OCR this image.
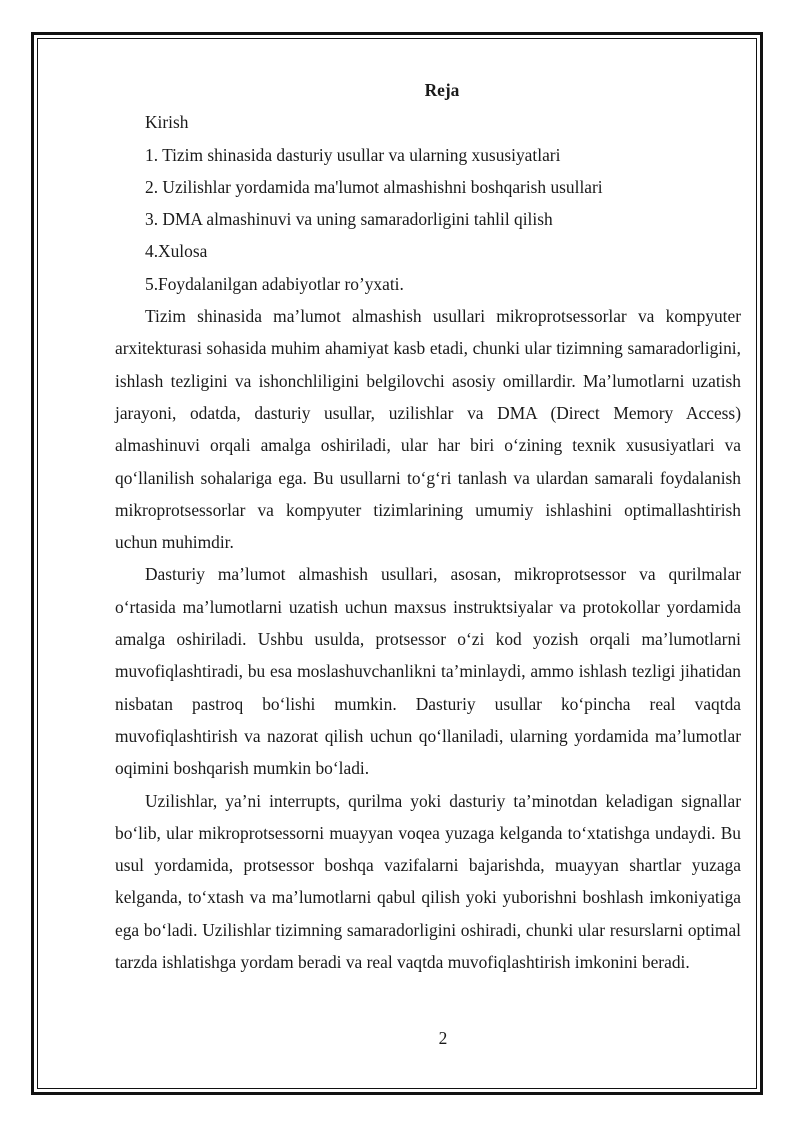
Reja

Kirish

1. Tizim shinasida dasturiy usullar va ularning xususiyatlari

2. Uzilishlar yordamida ma'lumot almashishni boshqarish usullari

3. DMA almashinuvi va uning samaradorligini tahlil qilish

4.Xulosa

5.Foydalanilgan adabiyotlar ro’yxati.

Tizim shinasida ma’lumot almashish usullari mikroprotsessorlar va kompyuter arxitekturasi sohasida muhim ahamiyat kasb etadi, chunki ular tizimning samaradorligini, ishlash tezligini va ishonchliligini belgilovchi asosiy omillardir. Ma’lumotlarni uzatish jarayoni, odatda, dasturiy usullar, uzilishlar va DMA (Direct Memory Access) almashinuvi orqali amalga oshiriladi, ular har biri o‘zining texnik xususiyatlari va qo‘llanilish sohalariga ega. Bu usullarni to‘g‘ri tanlash va ulardan samarali foydalanish mikroprotsessorlar va kompyuter tizimlarining umumiy ishlashini optimallashtirish uchun muhimdir.

Dasturiy ma’lumot almashish usullari, asosan, mikroprotsessor va qurilmalar o‘rtasida ma’lumotlarni uzatish uchun maxsus instruktsiyalar va protokollar yordamida amalga oshiriladi. Ushbu usulda, protsessor o‘zi kod yozish orqali ma’lumotlarni muvofiqlashtiradi, bu esa moslashuvchanlikni ta’minlaydi, ammo ishlash tezligi jihatidan nisbatan pastroq bo‘lishi mumkin. Dasturiy usullar ko‘pincha real vaqtda muvofiqlashtirish va nazorat qilish uchun qo‘llaniladi, ularning yordamida ma’lumotlar oqimini boshqarish mumkin bo‘ladi.

Uzilishlar, ya’ni interrupts, qurilma yoki dasturiy ta’minotdan keladigan signallar bo‘lib, ular mikroprotsessorni muayyan voqea yuzaga kelganda to‘xtatishga undaydi. Bu usul yordamida, protsessor boshqa vazifalarni bajarishda, muayyan shartlar yuzaga kelganda, to‘xtash va ma’lumotlarni qabul qilish yoki yuborishni boshlash imkoniyatiga ega bo‘ladi. Uzilishlar tizimning samaradorligini oshiradi, chunki ular resurslarni optimal tarzda ishlatishga yordam beradi va real vaqtda muvofiqlashtirish imkonini beradi.

2
